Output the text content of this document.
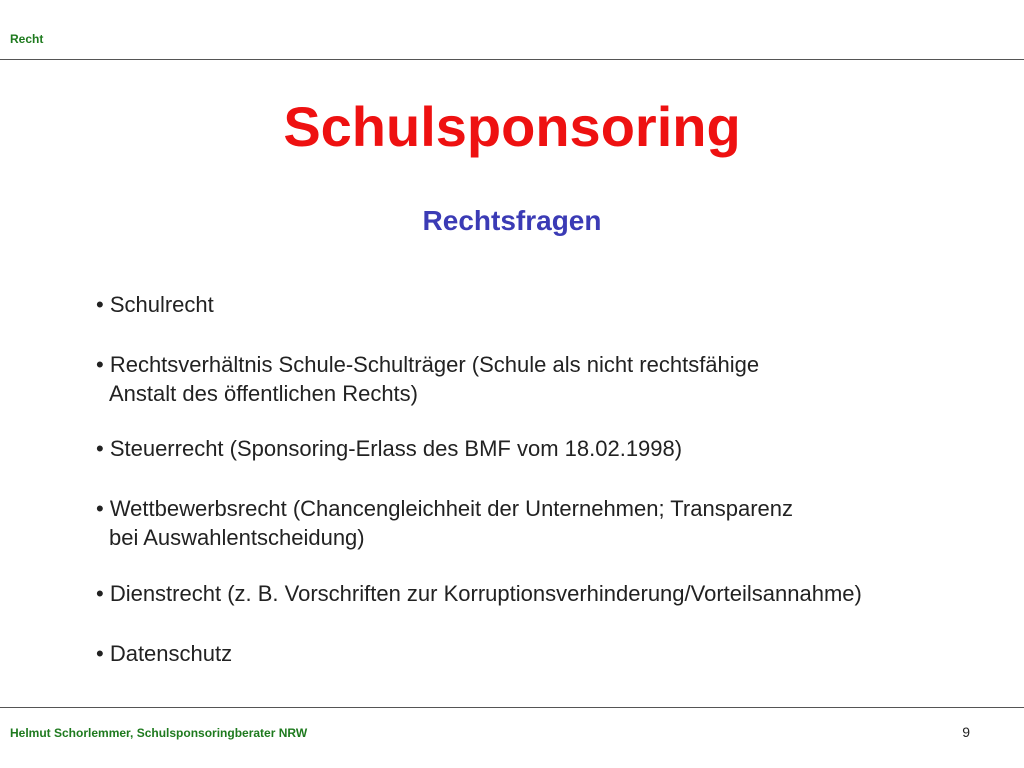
Recht
Schulsponsoring
Rechtsfragen
• Schulrecht
• Rechtsverhältnis Schule-Schulträger (Schule als nicht rechtsfähige
Anstalt des öffentlichen Rechts)
• Steuerrecht (Sponsoring-Erlass des BMF vom 18.02.1998)
• Wettbewerbsrecht (Chancengleichheit der Unternehmen; Transparenz
bei Auswahlentscheidung)
• Dienstrecht (z. B. Vorschriften zur Korruptionsverhinderung/Vorteilsannahme)
• Datenschutz
Helmut Schorlemmer, Schulsponsoringberater NRW	9
